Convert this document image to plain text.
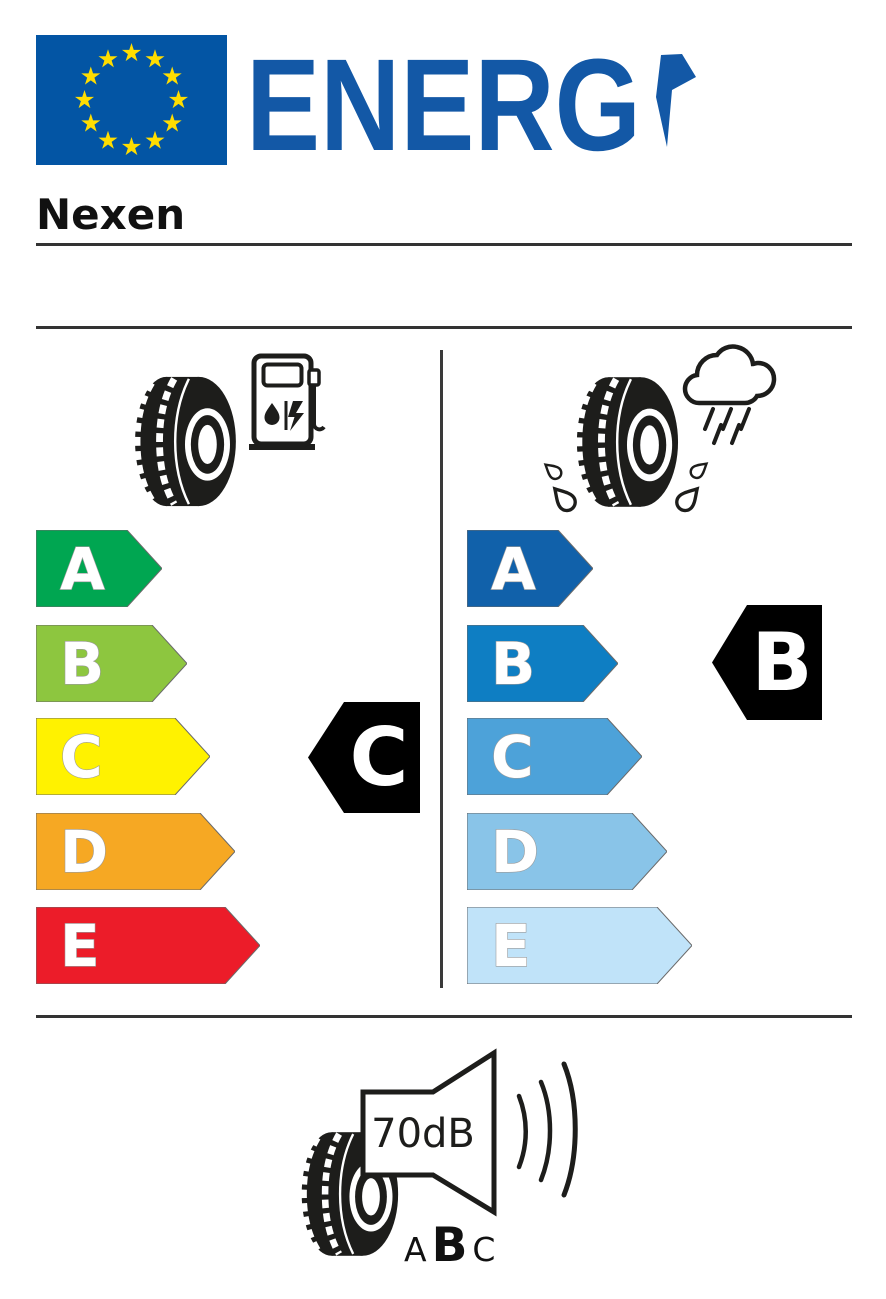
ENERG
Nexen
70dB
A
B
C
D
E
C
A
B
C
D
E
B
A B C
